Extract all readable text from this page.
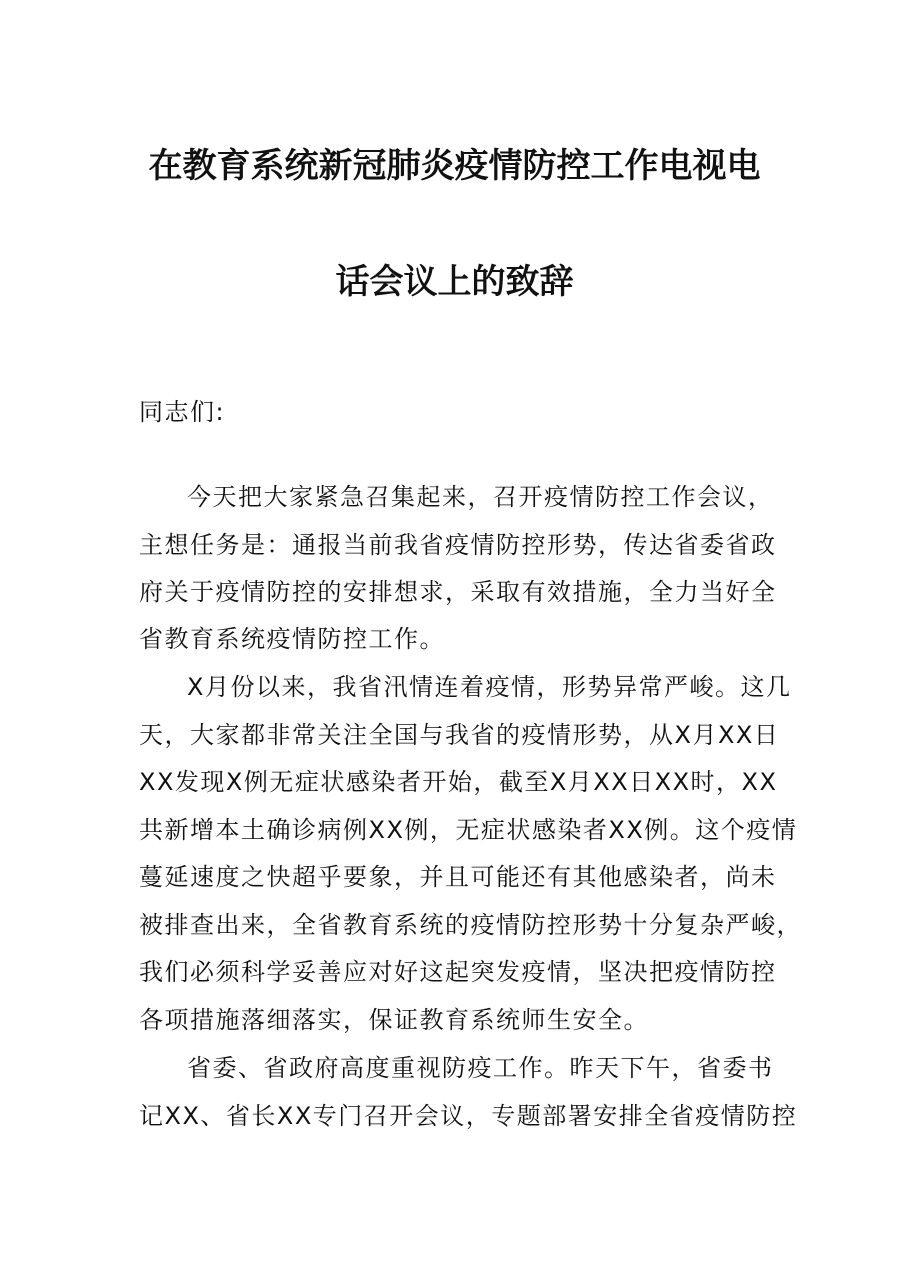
在教育系统新冠肺炎疫情防控工作电视电
话会议上的致辞
同志们:
今天把大家紧急召集起来，召开疫情防控工作会议，
主想任务是：通报当前我省疫情防控形势，传达省委省政
府关于疫情防控的安排想求，采取有效措施，全力当好全
省教育系统疫情防控工作。
X月份以来，我省汛情连着疫情，形势异常严峻。这几
天，大家都非常关注全国与我省的疫情形势，从X月XX日
XX发现X例无症状感染者开始，截至X月XX日XX时，XX
共新增本土确诊病例XX例，无症状感染者XX例。这个疫情
蔓延速度之快超乎要象，并且可能还有其他感染者，尚未
被排查出来，全省教育系统的疫情防控形势十分复杂严峻，
我们必须科学妥善应对好这起突发疫情，坚决把疫情防控
各项措施落细落实，保证教育系统师生安全。
省委、省政府高度重视防疫工作。昨天下午，省委书
记XX、省长XX专门召开会议，专题部署安排全省疫情防控
